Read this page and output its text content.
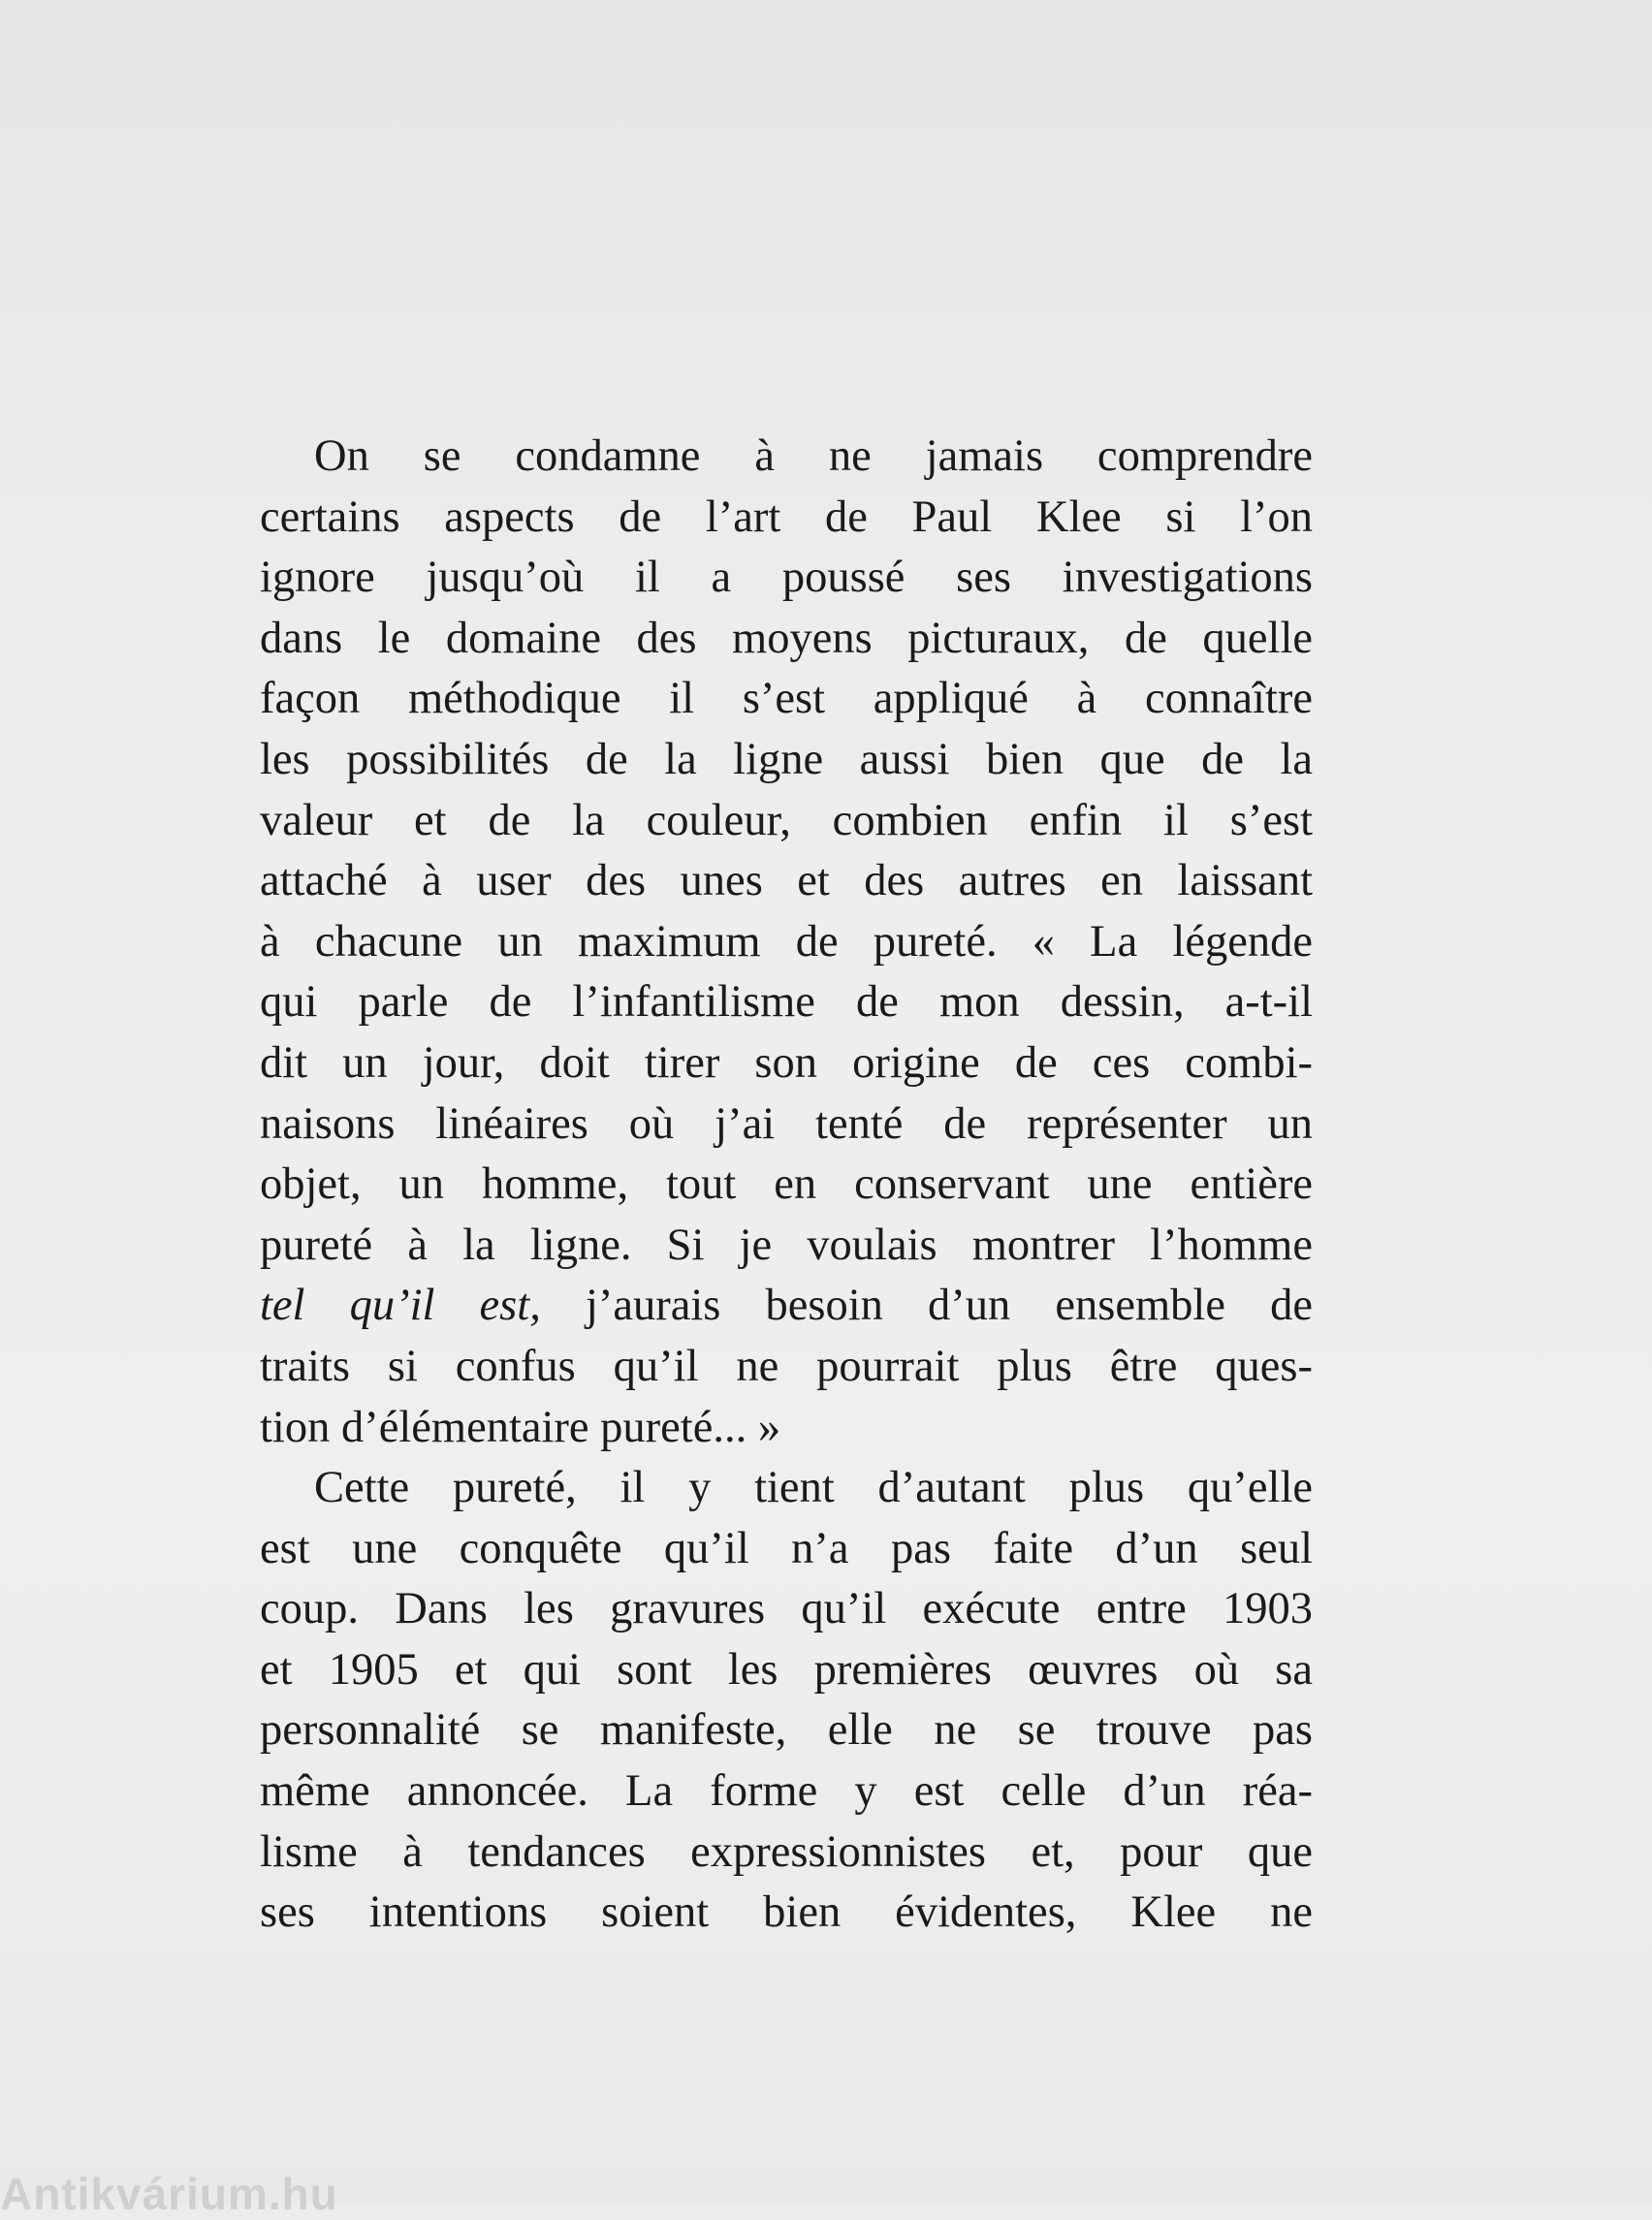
On se condamne à ne jamais comprendre
certains aspects de l’art de Paul Klee si l’on
ignore jusqu’où il a poussé ses investigations
dans le domaine des moyens picturaux, de quelle
façon méthodique il s’est appliqué à connaître
les possibilités de la ligne aussi bien que de la
valeur et de la couleur, combien enfin il s’est
attaché à user des unes et des autres en laissant
à chacune un maximum de pureté. « La légende
qui parle de l’infantilisme de mon dessin, a-t-il
dit un jour, doit tirer son origine de ces combi-
naisons linéaires où j’ai tenté de représenter un
objet, un homme, tout en conservant une entière
pureté à la ligne. Si je voulais montrer l’homme
tel qu’il est, j’aurais besoin d’un ensemble de
traits si confus qu’il ne pourrait plus être ques-
tion d’élémentaire pureté... »
Cette pureté, il y tient d’autant plus qu’elle
est une conquête qu’il n’a pas faite d’un seul
coup. Dans les gravures qu’il exécute entre 1903
et 1905 et qui sont les premières œuvres où sa
personnalité se manifeste, elle ne se trouve pas
même annoncée. La forme y est celle d’un réa-
lisme à tendances expressionnistes et, pour que
ses intentions soient bien évidentes, Klee ne
Antikvárium.hu
